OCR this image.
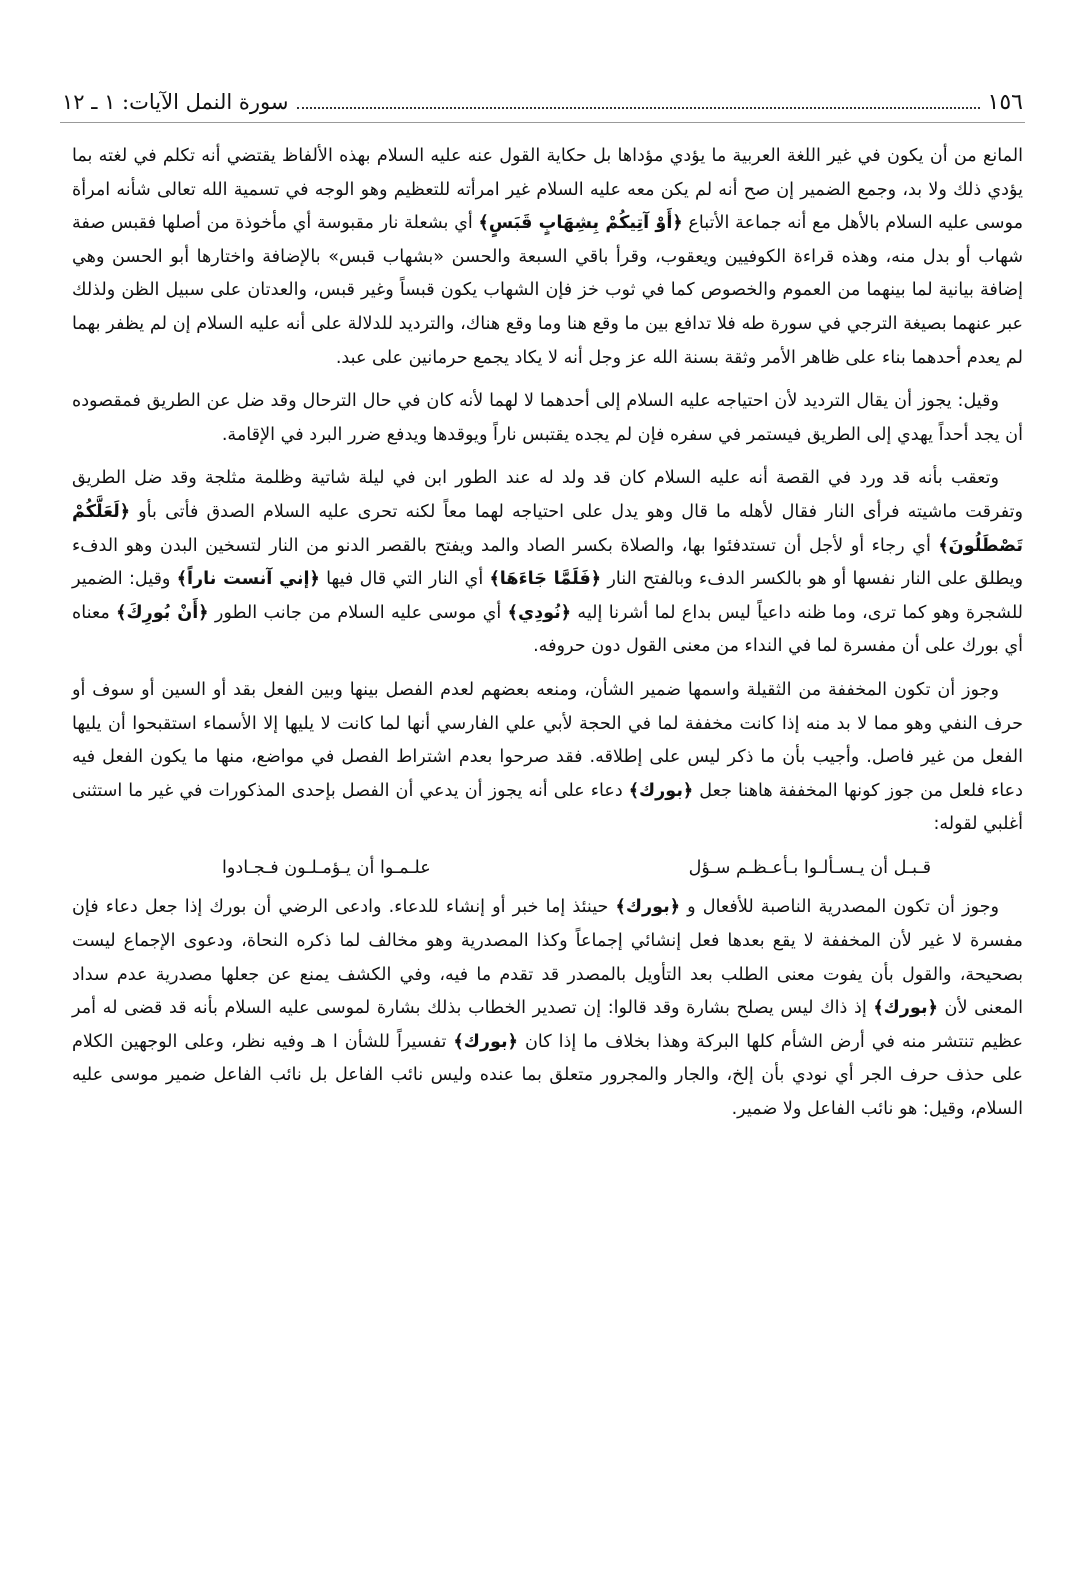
١٥٦
سورة النمل الآيات: ١ ـ ١٢

المانع من أن يكون في غير اللغة العربية ما يؤدي مؤداها بل حكاية القول عنه عليه السلام بهذه الألفاظ يقتضي أنه تكلم في لغته بما يؤدي ذلك ولا بد، وجمع الضمير إن صح أنه لم يكن معه عليه السلام غير امرأته للتعظيم وهو الوجه في تسمية الله تعالى شأنه امرأة موسى عليه السلام بالأهل مع أنه جماعة الأتباع ﴿أَوْ آتِيكُمْ بِشِهَابٍ قَبَسٍ﴾ أي بشعلة نار مقبوسة أي مأخوذة من أصلها فقبس صفة شهاب أو بدل منه، وهذه قراءة الكوفيين ويعقوب، وقرأ باقي السبعة والحسن «بشهاب قبس» بالإضافة واختارها أبو الحسن وهي إضافة بيانية لما بينهما من العموم والخصوص كما في ثوب خز فإن الشهاب يكون قبساً وغير قبس، والعدتان على سبيل الظن ولذلك عبر عنهما بصيغة الترجي في سورة طه فلا تدافع بين ما وقع هنا وما وقع هناك، والترديد للدلالة على أنه عليه السلام إن لم يظفر بهما لم يعدم أحدهما بناء على ظاهر الأمر وثقة بسنة الله عز وجل أنه لا يكاد يجمع حرمانين على عبد.

وقيل: يجوز أن يقال الترديد لأن احتياجه عليه السلام إلى أحدهما لا لهما لأنه كان في حال الترحال وقد ضل عن الطريق فمقصوده أن يجد أحداً يهدي إلى الطريق فيستمر في سفره فإن لم يجده يقتبس ناراً ويوقدها ويدفع ضرر البرد في الإقامة.

وتعقب بأنه قد ورد في القصة أنه عليه السلام كان قد ولد له عند الطور ابن في ليلة شاتية وظلمة مثلجة وقد ضل الطريق وتفرقت ماشيته فرأى النار فقال لأهله ما قال وهو يدل على احتياجه لهما معاً لكنه تحرى عليه السلام الصدق فأتى بأو ﴿لَعَلَّكُمْ تَصْطَلُونَ﴾ أي رجاء أو لأجل أن تستدفئوا بها، والصلاة بكسر الصاد والمد ويفتح بالقصر الدنو من النار لتسخين البدن وهو الدفء ويطلق على النار نفسها أو هو بالكسر الدفء وبالفتح النار ﴿فَلَمَّا جَاءَهَا﴾ أي النار التي قال فيها ﴿إني آنست ناراً﴾ وقيل: الضمير للشجرة وهو كما ترى، وما ظنه داعياً ليس بداع لما أشرنا إليه ﴿نُودِي﴾ أي موسى عليه السلام من جانب الطور ﴿أَنْ بُورِكَ﴾ معناه أي بورك على أن مفسرة لما في النداء من معنى القول دون حروفه.

وجوز أن تكون المخففة من الثقيلة واسمها ضمير الشأن، ومنعه بعضهم لعدم الفصل بينها وبين الفعل بقد أو السين أو سوف أو حرف النفي وهو مما لا بد منه إذا كانت مخففة لما في الحجة لأبي علي الفارسي أنها لما كانت لا يليها إلا الأسماء استقبحوا أن يليها الفعل من غير فاصل. وأجيب بأن ما ذكر ليس على إطلاقه. فقد صرحوا بعدم اشتراط الفصل في مواضع، منها ما يكون الفعل فيه دعاء فلعل من جوز كونها المخففة هاهنا جعل ﴿بورك﴾ دعاء على أنه يجوز أن يدعي أن الفصل بإحدى المذكورات في غير ما استثنى أغلبي لقوله:

قـبـل أن يـسـألـوا بـأعـظـم سـؤل
علـمـوا أن يـؤمـلـون فـجـادوا

وجوز أن تكون المصدرية الناصبة للأفعال و ﴿بورك﴾ حينئذ إما خبر أو إنشاء للدعاء. وادعى الرضي أن بورك إذا جعل دعاء فإن مفسرة لا غير لأن المخففة لا يقع بعدها فعل إنشائي إجماعاً وكذا المصدرية وهو مخالف لما ذكره النحاة، ودعوى الإجماع ليست بصحيحة، والقول بأن يفوت معنى الطلب بعد التأويل بالمصدر قد تقدم ما فيه، وفي الكشف يمنع عن جعلها مصدرية عدم سداد المعنى لأن ﴿بورك﴾ إذ ذاك ليس يصلح بشارة وقد قالوا: إن تصدير الخطاب بذلك بشارة لموسى عليه السلام بأنه قد قضى له أمر عظيم تنتشر منه في أرض الشأم كلها البركة وهذا بخلاف ما إذا كان ﴿بورك﴾ تفسيراً للشأن ا هـ وفيه نظر، وعلى الوجهين الكلام على حذف حرف الجر أي نودي بأن إلخ، والجار والمجرور متعلق بما عنده وليس نائب الفاعل بل نائب الفاعل ضمير موسى عليه السلام، وقيل: هو نائب الفاعل ولا ضمير.
